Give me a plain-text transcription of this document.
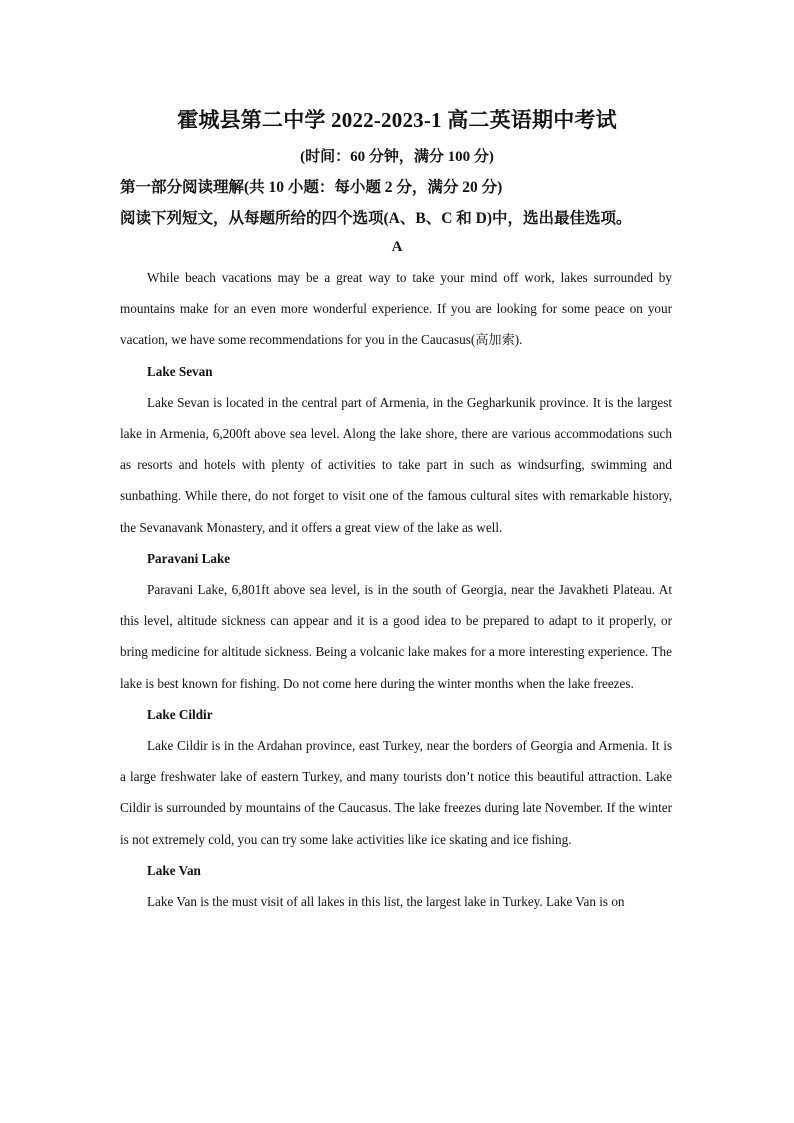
霍城县第二中学 2022-2023-1 高二英语期中考试
(时间：60 分钟，满分 100 分)
第一部分阅读理解(共 10 小题：每小题 2 分，满分 20 分)
阅读下列短文，从每题所给的四个选项(A、B、C 和 D)中，选出最佳选项。
A

While beach vacations may be a great way to take your mind off work, lakes surrounded by mountains make for an even more wonderful experience. If you are looking for some peace on your vacation, we have some recommendations for you in the Caucasus(高加索).

Lake Sevan

Lake Sevan is located in the central part of Armenia, in the Gegharkunik province. It is the largest lake in Armenia, 6,200ft above sea level. Along the lake shore, there are various accommodations such as resorts and hotels with plenty of activities to take part in such as windsurfing, swimming and sunbathing. While there, do not forget to visit one of the famous cultural sites with remarkable history, the Sevanavank Monastery, and it offers a great view of the lake as well.

Paravani Lake

Paravani Lake, 6,801ft above sea level, is in the south of Georgia, near the Javakheti Plateau. At this level, altitude sickness can appear and it is a good idea to be prepared to adapt to it properly, or bring medicine for altitude sickness. Being a volcanic lake makes for a more interesting experience. The lake is best known for fishing. Do not come here during the winter months when the lake freezes.

Lake Cildir

Lake Cildir is in the Ardahan province, east Turkey, near the borders of Georgia and Armenia. It is a large freshwater lake of eastern Turkey, and many tourists don’t notice this beautiful attraction. Lake Cildir is surrounded by mountains of the Caucasus. The lake freezes during late November. If the winter is not extremely cold, you can try some lake activities like ice skating and ice fishing.

Lake Van

Lake Van is the must visit of all lakes in this list, the largest lake in Turkey. Lake Van is on
